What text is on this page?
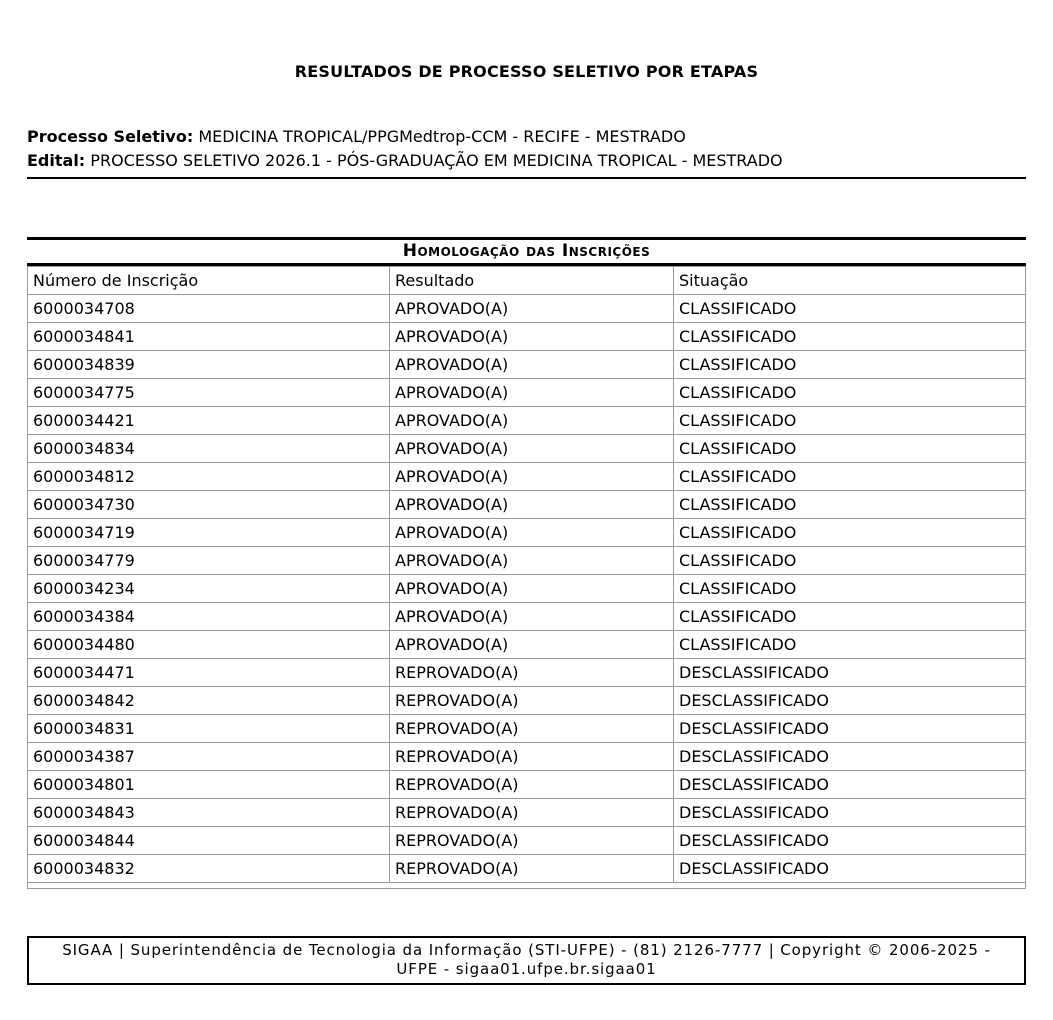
RESULTADOS DE PROCESSO SELETIVO POR ETAPAS
Processo Seletivo: MEDICINA TROPICAL/PPGMedtrop-CCM - RECIFE - MESTRADO
Edital: PROCESSO SELETIVO 2026.1 - PÓS-GRADUAÇÃO EM MEDICINA TROPICAL - MESTRADO
Homologação das Inscrições
Número de Inscrição	Resultado	Situação
6000034708	APROVADO(A)	CLASSIFICADO
6000034841	APROVADO(A)	CLASSIFICADO
6000034839	APROVADO(A)	CLASSIFICADO
6000034775	APROVADO(A)	CLASSIFICADO
6000034421	APROVADO(A)	CLASSIFICADO
6000034834	APROVADO(A)	CLASSIFICADO
6000034812	APROVADO(A)	CLASSIFICADO
6000034730	APROVADO(A)	CLASSIFICADO
6000034719	APROVADO(A)	CLASSIFICADO
6000034779	APROVADO(A)	CLASSIFICADO
6000034234	APROVADO(A)	CLASSIFICADO
6000034384	APROVADO(A)	CLASSIFICADO
6000034480	APROVADO(A)	CLASSIFICADO
6000034471	REPROVADO(A)	DESCLASSIFICADO
6000034842	REPROVADO(A)	DESCLASSIFICADO
6000034831	REPROVADO(A)	DESCLASSIFICADO
6000034387	REPROVADO(A)	DESCLASSIFICADO
6000034801	REPROVADO(A)	DESCLASSIFICADO
6000034843	REPROVADO(A)	DESCLASSIFICADO
6000034844	REPROVADO(A)	DESCLASSIFICADO
6000034832	REPROVADO(A)	DESCLASSIFICADO

SIGAA | Superintendência de Tecnologia da Informação (STI-UFPE) - (81) 2126-7777 | Copyright © 2006-2025 -
UFPE - sigaa01.ufpe.br.sigaa01
